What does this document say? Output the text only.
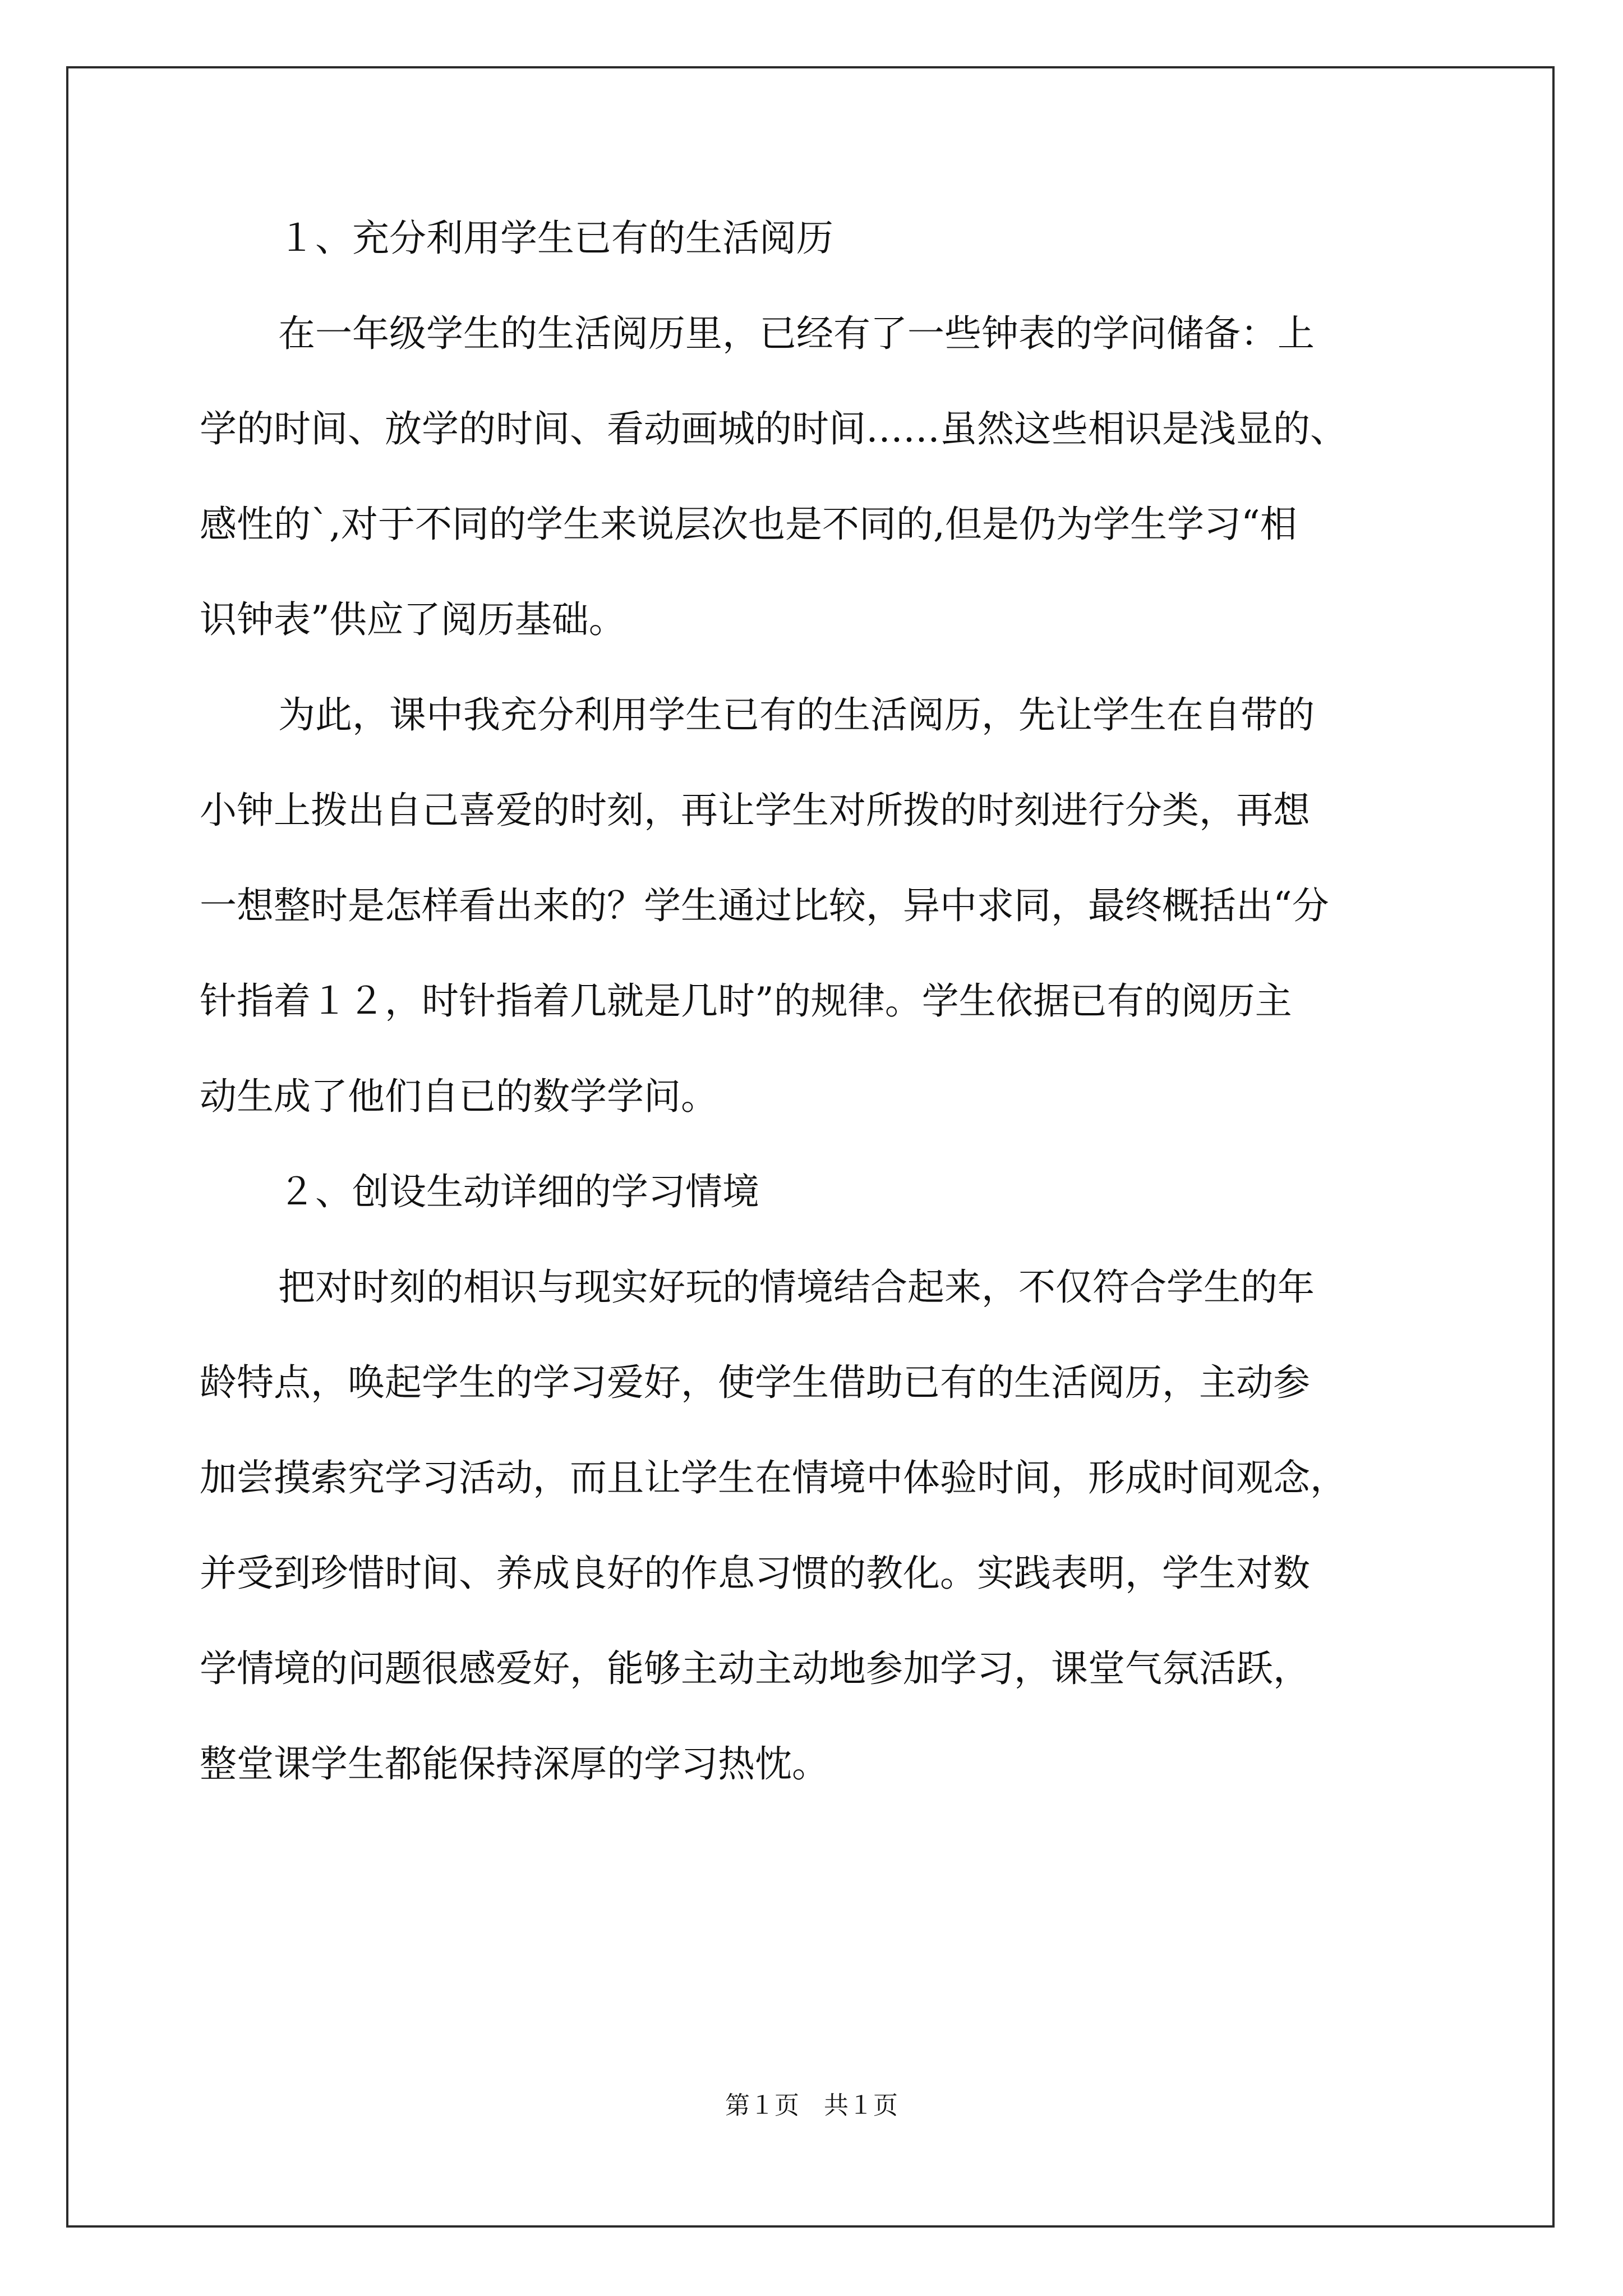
１、充分利用学生已有的生活阅历
在一年级学生的生活阅历里，已经有了一些钟表的学问储备：上
学的时间、放学的时间、看动画城的时间……虽然这些相识是浅显的、
感性的`,对于不同的学生来说层次也是不同的,但是仍为学生学习“相
识钟表”供应了阅历基础。
为此，课中我充分利用学生已有的生活阅历，先让学生在自带的
小钟上拨出自己喜爱的时刻，再让学生对所拨的时刻进行分类，再想
一想整时是怎样看出来的？学生通过比较，异中求同，最终概括出“分
针指着１２，时针指着几就是几时”的规律。学生依据已有的阅历主
动生成了他们自已的数学学问。
２、创设生动详细的学习情境
把对时刻的相识与现实好玩的情境结合起来，不仅符合学生的年
龄特点，唤起学生的学习爱好，使学生借助已有的生活阅历，主动参
加尝摸索究学习活动，而且让学生在情境中体验时间，形成时间观念，
并受到珍惜时间、养成良好的作息习惯的教化。实践表明，学生对数
学情境的问题很感爱好，能够主动主动地参加学习，课堂气氛活跃，
整堂课学生都能保持深厚的学习热忱。
第１页　共１页
